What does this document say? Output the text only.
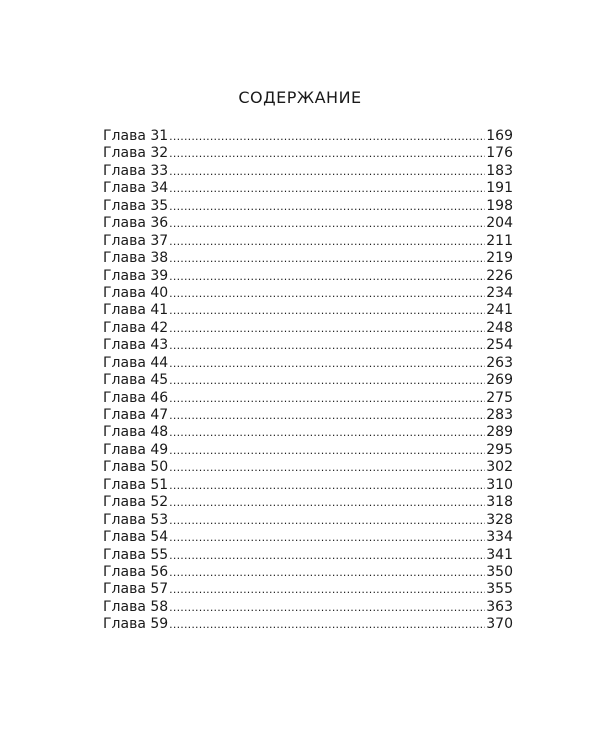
СОДЕРЖАНИЕ
Глава 31 .....	169
Глава 32 .....	176
Глава 33 .....	183
Глава 34 .....	191
Глава 35 .....	198
Глава 36 .....	204
Глава 37 .....	211
Глава 38 .....	219
Глава 39 .....	226
Глава 40 .....	234
Глава 41 .....	241
Глава 42 .....	248
Глава 43 .....	254
Глава 44 .....	263
Глава 45 .....	269
Глава 46 .....	275
Глава 47 .....	283
Глава 48 .....	289
Глава 49 .....	295
Глава 50 .....	302
Глава 51 .....	310
Глава 52 .....	318
Глава 53 .....	328
Глава 54 .....	334
Глава 55 .....	341
Глава 56 .....	350
Глава 57 .....	355
Глава 58 .....	363
Глава 59 .....	370
